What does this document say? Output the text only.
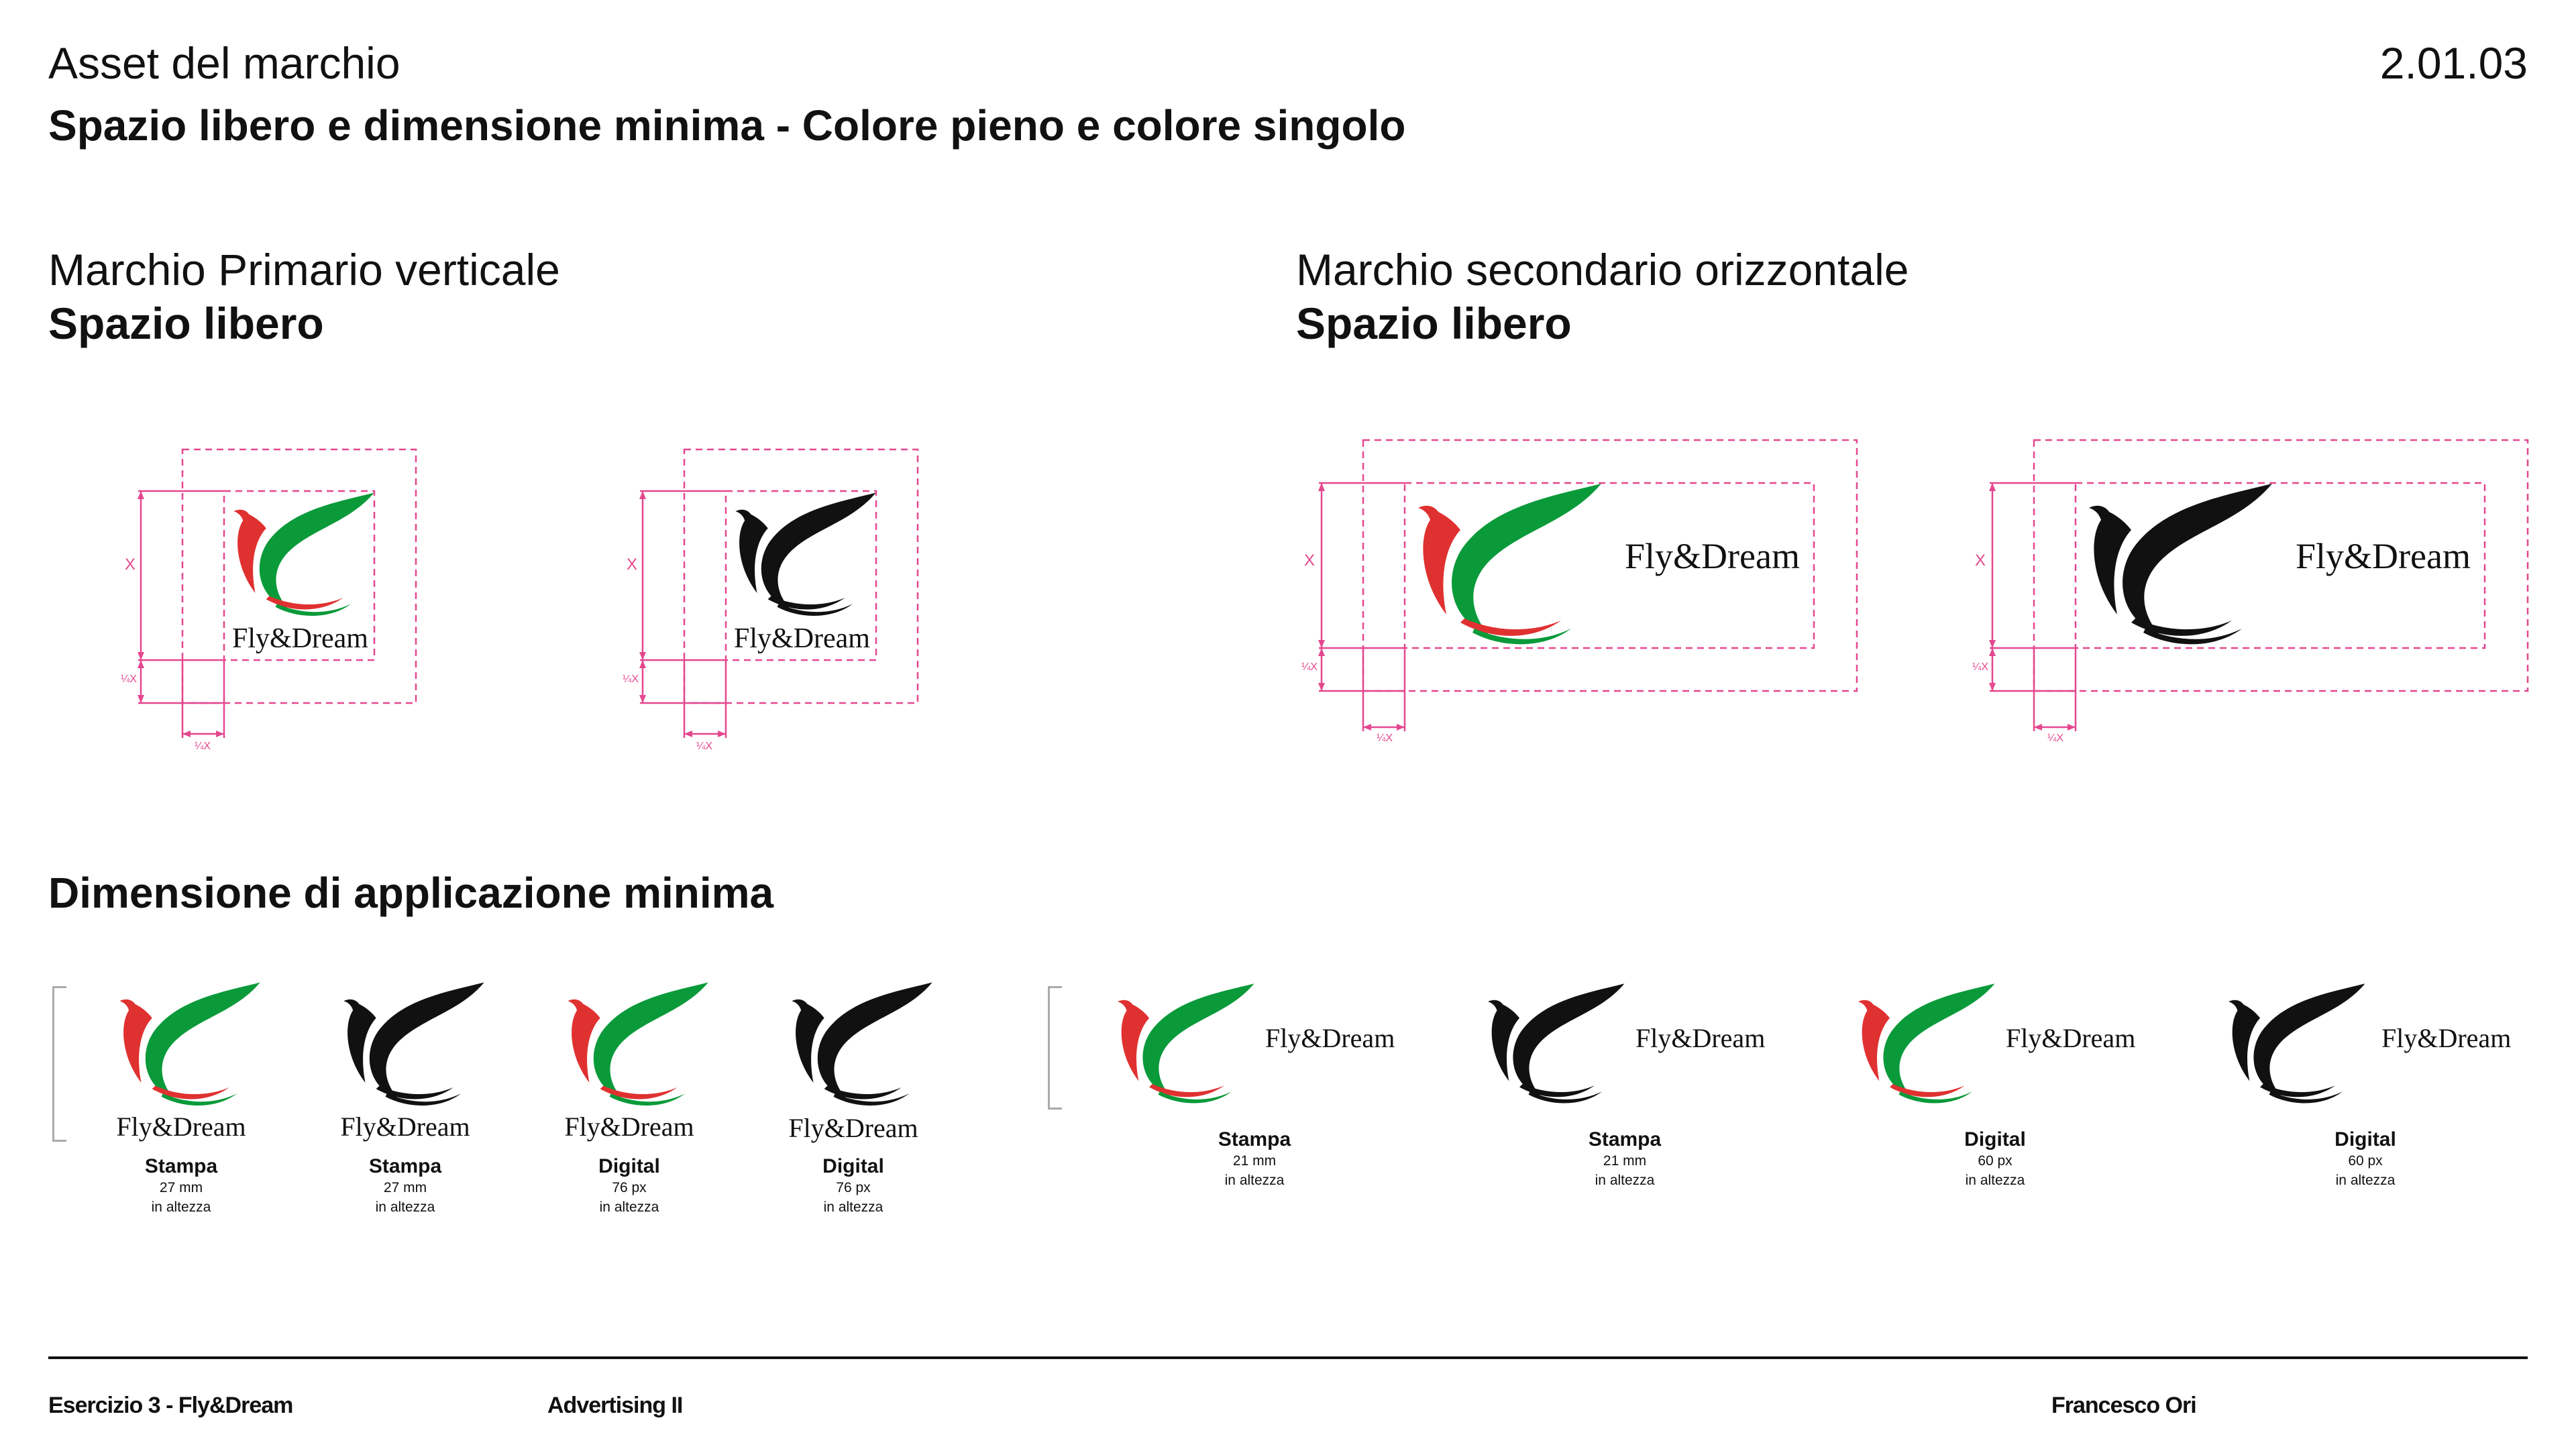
Asset del marchio
Spazio libero e dimensione minima - Colore pieno e colore singolo
2.01.03
Marchio Primario verticale
Spazio libero
Marchio secondario orizzontale
Spazio libero
X
¼X
¼X
Fly&Dream
X
¼X
¼X
Fly&Dream
X
¼X
¼X
Fly&Dream	X
¼X
¼X
Fly&Dream
Dimensione di applicazione minima
Fly&Dream
Stampa
27 mm
in altezza
Fly&Dream
Stampa
27 mm
in altezza
Fly&Dream
Digital
76 px
in altezza
Fly&Dream
Digital
76 px
in altezza
Fly&Dream
Stampa
21 mm
in altezza
Fly&Dream
Stampa
21 mm
in altezza
Fly&Dream
Digital
60 px
in altezza
Fly&Dream
Digital
60 px
in altezza
Esercizio 3 - Fly&Dream	Advertising II	Francesco Ori
